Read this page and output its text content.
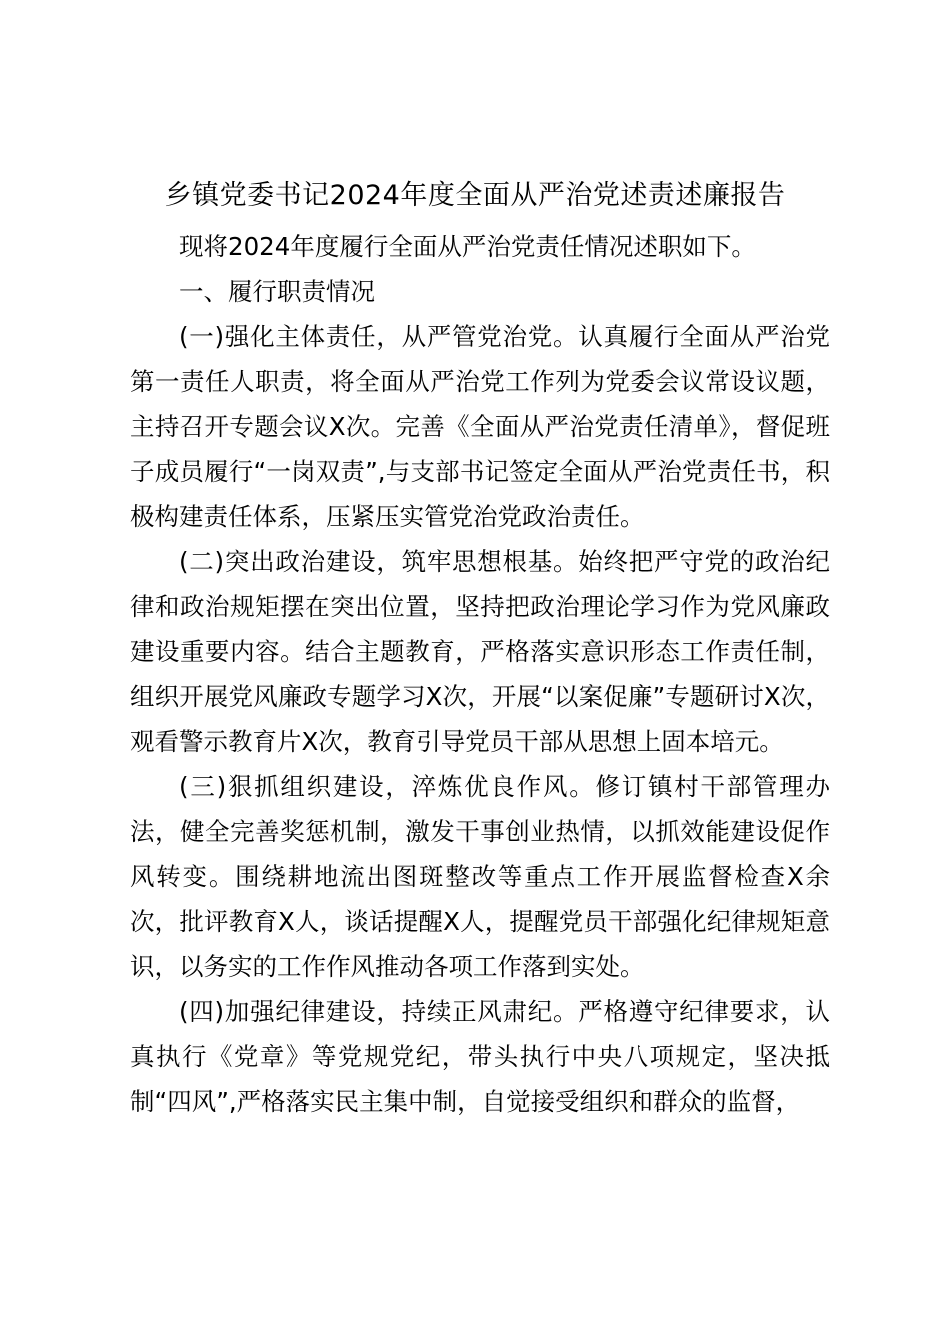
乡镇党委书记2024年度全面从严治党述责述廉报告

现将2024年度履行全面从严治党责任情况述职如下。

一、履行职责情况

(一)强化主体责任，从严管党治党。认真履行全面从严治党第一责任人职责，将全面从严治党工作列为党委会议常设议题，主持召开专题会议X次。完善《全面从严治党责任清单》，督促班子成员履行“一岗双责”,与支部书记签定全面从严治党责任书，积极构建责任体系，压紧压实管党治党政治责任。

(二)突出政治建设，筑牢思想根基。始终把严守党的政治纪律和政治规矩摆在突出位置，坚持把政治理论学习作为党风廉政建设重要内容。结合主题教育，严格落实意识形态工作责任制，组织开展党风廉政专题学习X次，开展“以案促廉”专题研讨X次，观看警示教育片X次，教育引导党员干部从思想上固本培元。

(三)狠抓组织建设，淬炼优良作风。修订镇村干部管理办法，健全完善奖惩机制，激发干事创业热情，以抓效能建设促作风转变。围绕耕地流出图斑整改等重点工作开展监督检查X余次，批评教育X人，谈话提醒X人，提醒党员干部强化纪律规矩意识，以务实的工作作风推动各项工作落到实处。

(四)加强纪律建设，持续正风肃纪。严格遵守纪律要求，认真执行《党章》等党规党纪，带头执行中央八项规定，坚决抵制“四风”,严格落实民主集中制，自觉接受组织和群众的监督，
